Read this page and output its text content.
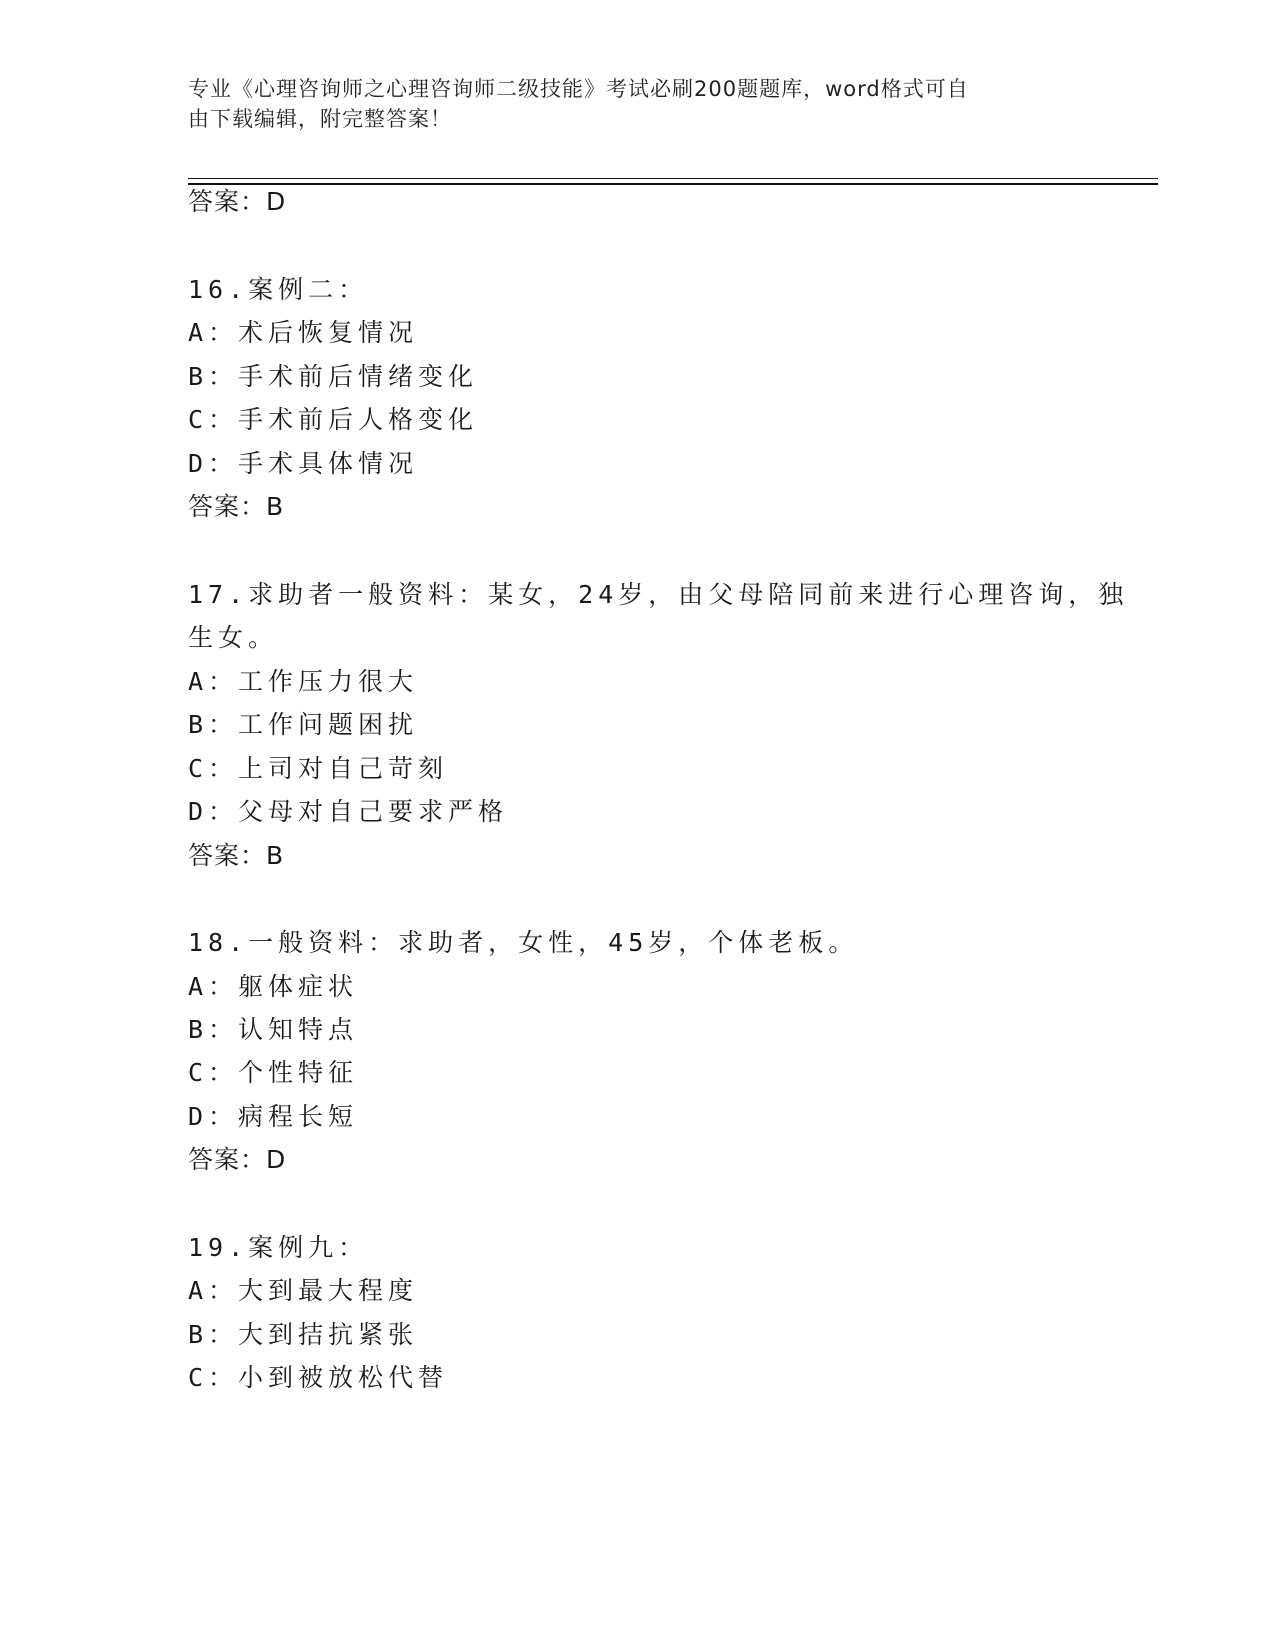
专业《心理咨询师之心理咨询师二级技能》考试必刷200题题库，word格式可自
由下载编辑，附完整答案！
答案：D
16.案例二：
A：术后恢复情况
B：手术前后情绪变化
C：手术前后人格变化
D：手术具体情况
答案：B
17.求助者一般资料：某女，24岁，由父母陪同前来进行心理咨询，独
生女。
A：工作压力很大
B：工作问题困扰
C：上司对自己苛刻
D：父母对自己要求严格
答案：B
18.一般资料：求助者，女性，45岁，个体老板。
A：躯体症状
B：认知特点
C：个性特征
D：病程长短
答案：D
19.案例九：
A：大到最大程度
B：大到拮抗紧张
C：小到被放松代替
